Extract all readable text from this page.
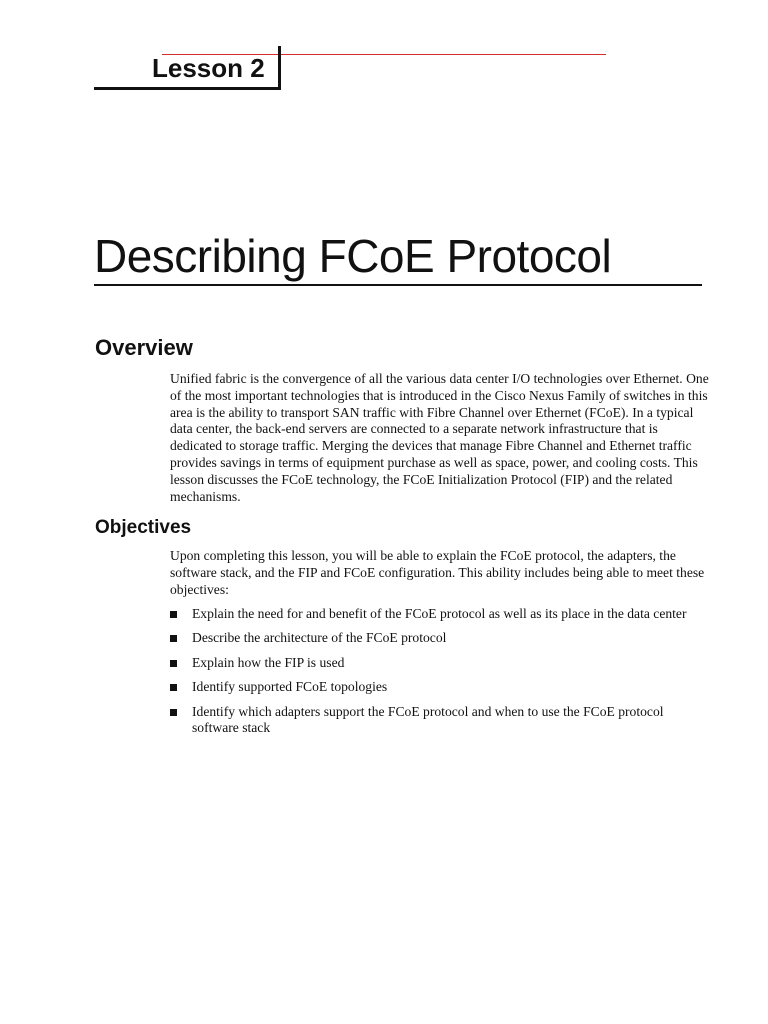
Lesson 2
Describing FCoE Protocol
Overview
Unified fabric is the convergence of all the various data center I/O technologies over Ethernet. One of the most important technologies that is introduced in the Cisco Nexus Family of switches in this area is the ability to transport SAN traffic with Fibre Channel over Ethernet (FCoE). In a typical data center, the back-end servers are connected to a separate network infrastructure that is dedicated to storage traffic. Merging the devices that manage Fibre Channel and Ethernet traffic provides savings in terms of equipment purchase as well as space, power, and cooling costs. This lesson discusses the FCoE technology, the FCoE Initialization Protocol (FIP) and the related mechanisms.
Objectives
Upon completing this lesson, you will be able to explain the FCoE protocol, the adapters, the software stack, and the FIP and FCoE configuration. This ability includes being able to meet these objectives:
Explain the need for and benefit of the FCoE protocol as well as its place in the data center
Describe the architecture of the FCoE protocol
Explain how the FIP is used
Identify supported FCoE topologies
Identify which adapters support the FCoE protocol and when to use the FCoE protocol software stack
